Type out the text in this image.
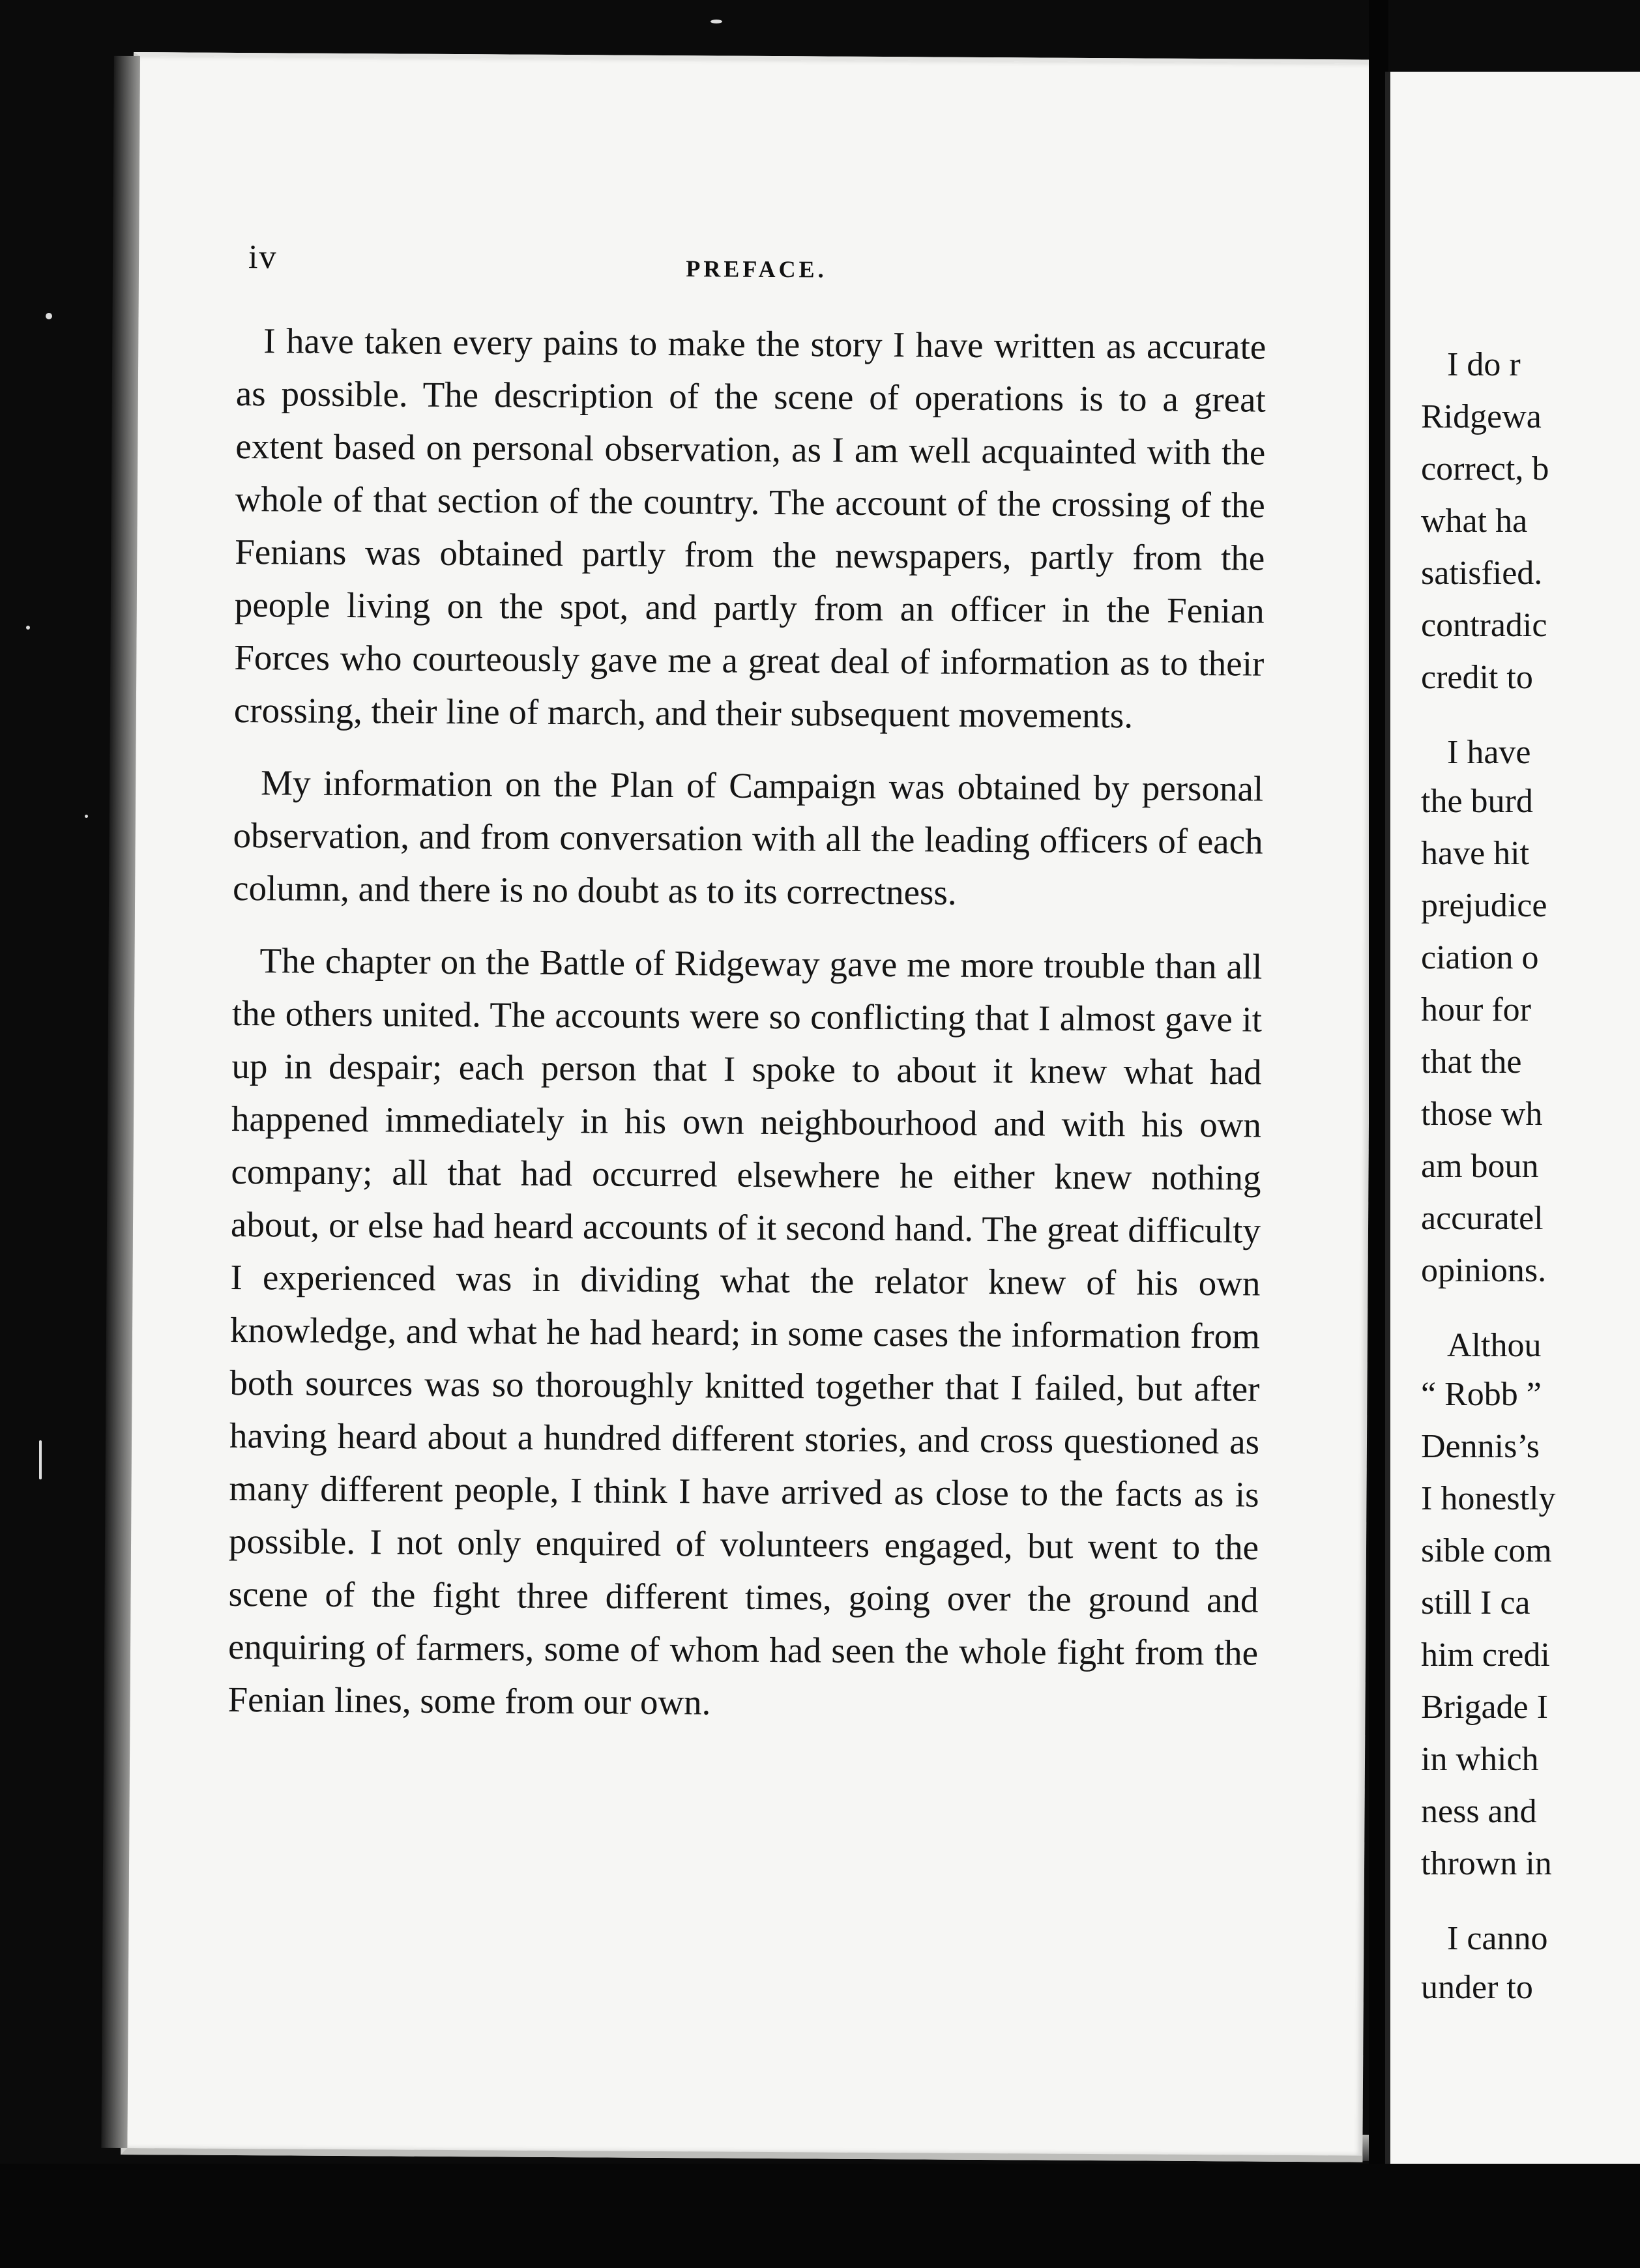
iv	PREFACE.

I have taken every pains to make the story I have written as accurate as possible. The description of the scene of operations is to a great extent based on personal observation, as I am well acquainted with the whole of that section of the country. The account of the crossing of the Fenians was obtained partly from the newspapers, partly from the people living on the spot, and partly from an officer in the Fenian Forces who courteously gave me a great deal of information as to their crossing, their line of march, and their subsequent movements.

My information on the Plan of Campaign was obtained by personal observation, and from conversation with all the leading officers of each column, and there is no doubt as to its correctness.

The chapter on the Battle of Ridgeway gave me more trouble than all the others united. The accounts were so conflicting that I almost gave it up in despair; each person that I spoke to about it knew what had happened immediately in his own neighbourhood and with his own company; all that had occurred elsewhere he either knew nothing about, or else had heard accounts of it second hand. The great difficulty I experienced was in dividing what the relator knew of his own knowledge, and what he had heard; in some cases the information from both sources was so thoroughly knitted together that I failed, but after having heard about a hundred different stories, and cross questioned as many different people, I think I have arrived as close to the facts as is possible. I not only enquired of volunteers engaged, but went to the scene of the fight three different times, going over the ground and enquiring of farmers, some of whom had seen the whole fight from the Fenian lines, some from our own.

I do r
Ridgewa
correct, b
what ha
satisfied.
contradic
credit to
I have
the burd
have hit
prejudice
ciation o
hour for
that the
those wh
am boun
accuratel
opinions.
Althou
“ Robb ”
Dennis’s
I honestly
sible com
still I ca
him credi
Brigade I
in which
ness and
thrown in
I canno
under to
